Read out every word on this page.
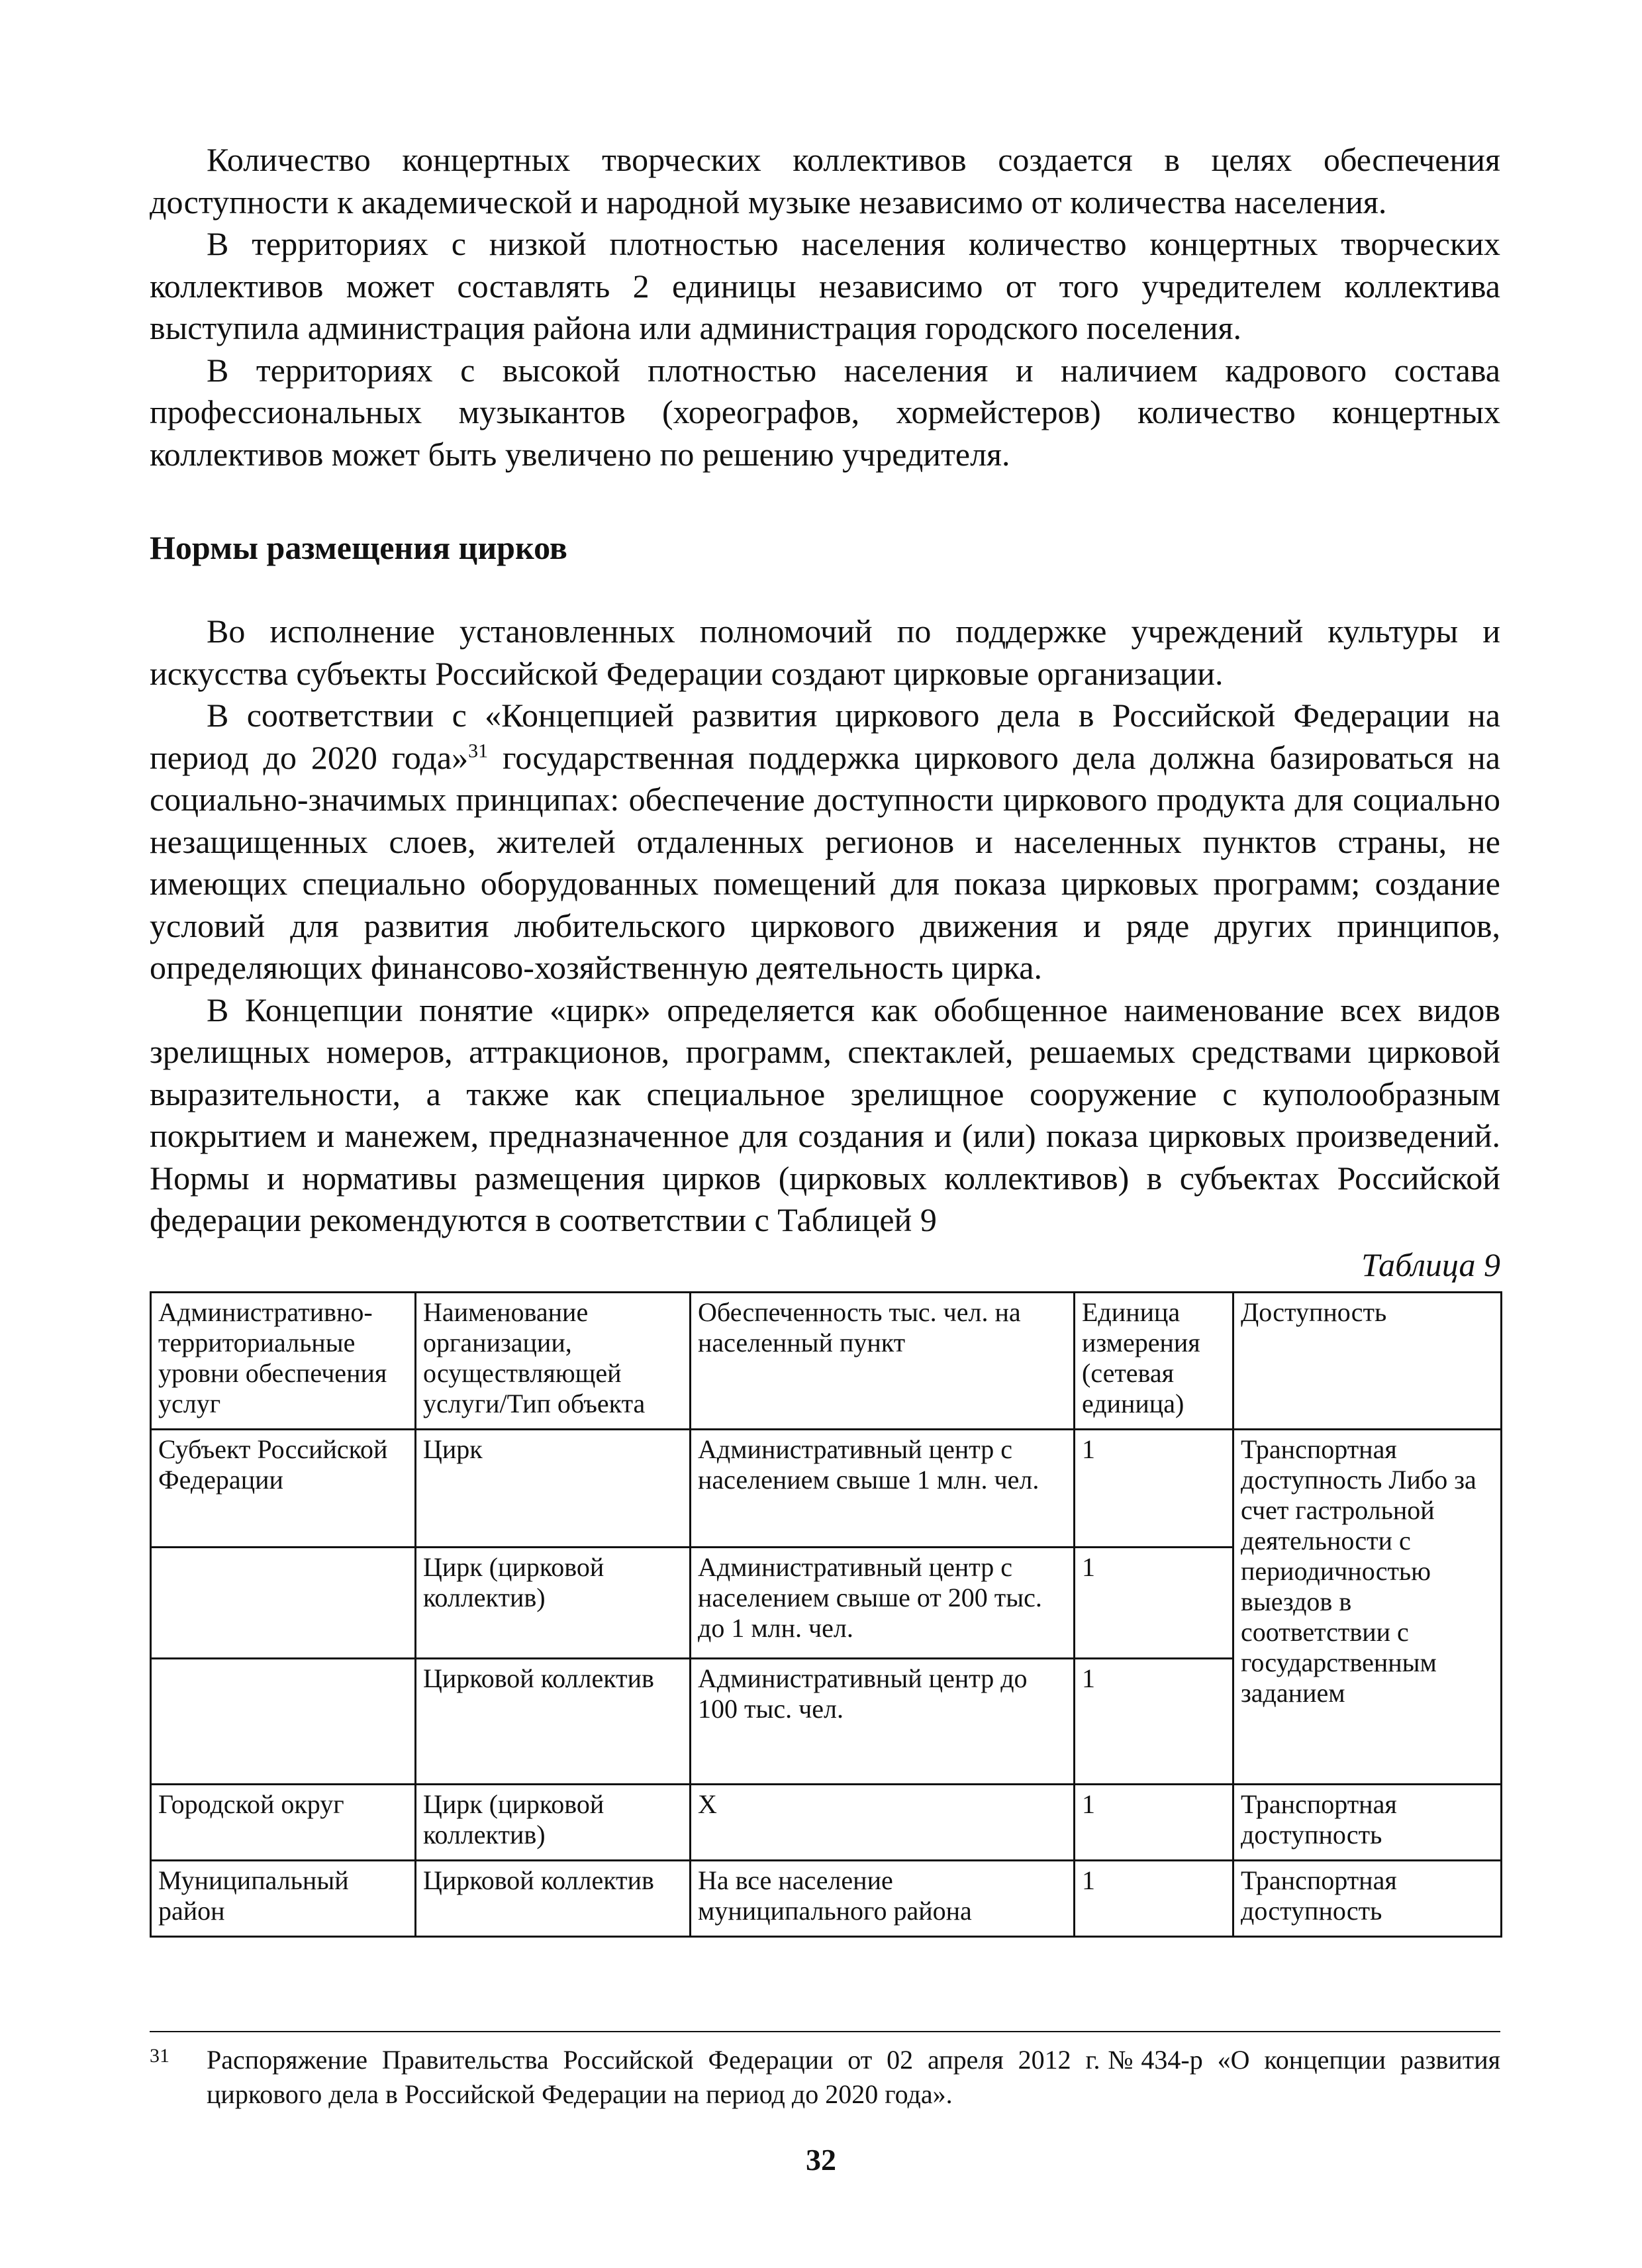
Количество концертных творческих коллективов создается в целях обеспечения доступности к академической и народной музыке независимо от количества населения.

В территориях с низкой плотностью населения количество концертных творческих коллективов может составлять 2 единицы независимо от того учредителем коллектива выступила администрация района или администрация городского поселения.

В территориях с высокой плотностью населения и наличием кадрового состава профессиональных музыкантов (хореографов, хормейстеров) количество концертных коллективов может быть увеличено по решению учредителя.

Нормы размещения цирков

Во исполнение установленных полномочий по поддержке учреждений культуры и искусства субъекты Российской Федерации создают цирковые организации.

В соответствии с «Концепцией развития циркового дела в Российской Федерации на период до 2020 года»$^{31}$ государственная поддержка циркового дела должна базироваться на социально-значимых принципах: обеспечение доступности циркового продукта для социально незащищенных слоев, жителей отдаленных регионов и населенных пунктов страны, не имеющих специально оборудованных помещений для показа цирковых программ; создание условий для развития любительского циркового движения и ряде других принципов, определяющих финансово-хозяйственную деятельность цирка.

В Концепции понятие «цирк» определяется как обобщенное наименование всех видов зрелищных номеров, аттракционов, программ, спектаклей, решаемых средствами цирковой выразительности, а также как специальное зрелищное сооружение с куполообразным покрытием и манежем, предназначенное для создания и (или) показа цирковых произведений. Нормы и нормативы размещения цирков (цирковых коллективов) в субъектах Российской федерации рекомендуются в соответствии с Таблицей 9

Таблица 9
Административно-территориальные уровни обеспечения услуг	Наименование организации, осуществляющей услуги/Тип объекта	Обеспеченность тыс. чел. на населенный пункт	Единица измерения (сетевая единица)	Доступность
Субъект Российской Федерации	Цирк	Административный центр с населением свыше 1 млн. чел.	1	Транспортная доступность Либо за счет гастрольной деятельности с периодичностью выездов в соответствии с государственным заданием
	Цирк (цирковой коллектив)	Административный центр с населением свыше от 200 тыс. до 1 млн. чел.	1	
	Цирковой коллектив	Административный центр до 100 тыс. чел.	1	
Городской округ	Цирк (цирковой коллектив)	Х	1	Транспортная доступность
Муниципальный район	Цирковой коллектив	На все население муниципального района	1	Транспортная доступность
31 Распоряжение Правительства Российской Федерации от 02 апреля 2012 г.№434-р «О концепции развития циркового дела в Российской Федерации на период до 2020 года».
32
